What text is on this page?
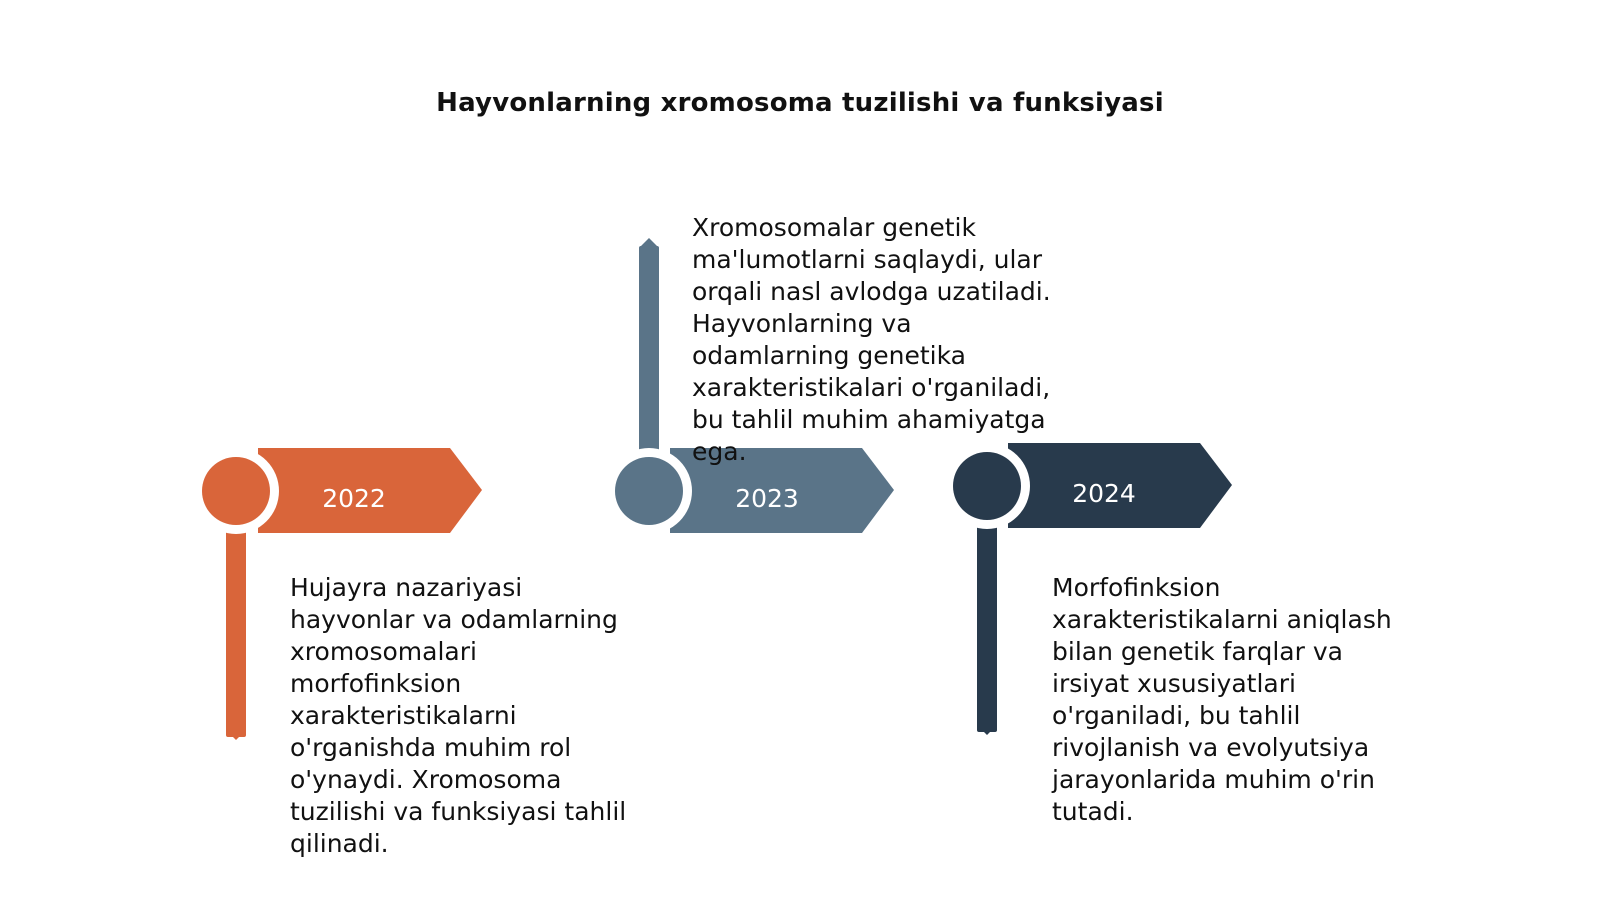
Hayvonlarning xromosoma tuzilishi va funksiyasi
2022	2023	2024

Hujayra nazariyasi hayvonlar va odamlarning xromosomalari morfofinksion xarakteristikalarni o'rganishda muhim rol o'ynaydi. Xromosoma tuzilishi va funksiyasi tahlil qilinadi.

Xromosomalar genetik ma'lumotlarni saqlaydi, ular orqali nasl avlodga uzatiladi. Hayvonlarning va odamlarning genetika xarakteristikalari o'rganiladi, bu tahlil muhim ahamiyatga ega.

Morfofinksion xarakteristikalarni aniqlash bilan genetik farqlar va irsiyat xususiyatlari o'rganiladi, bu tahlil rivojlanish va evolyutsiya jarayonlarida muhim o'rin tutadi.
